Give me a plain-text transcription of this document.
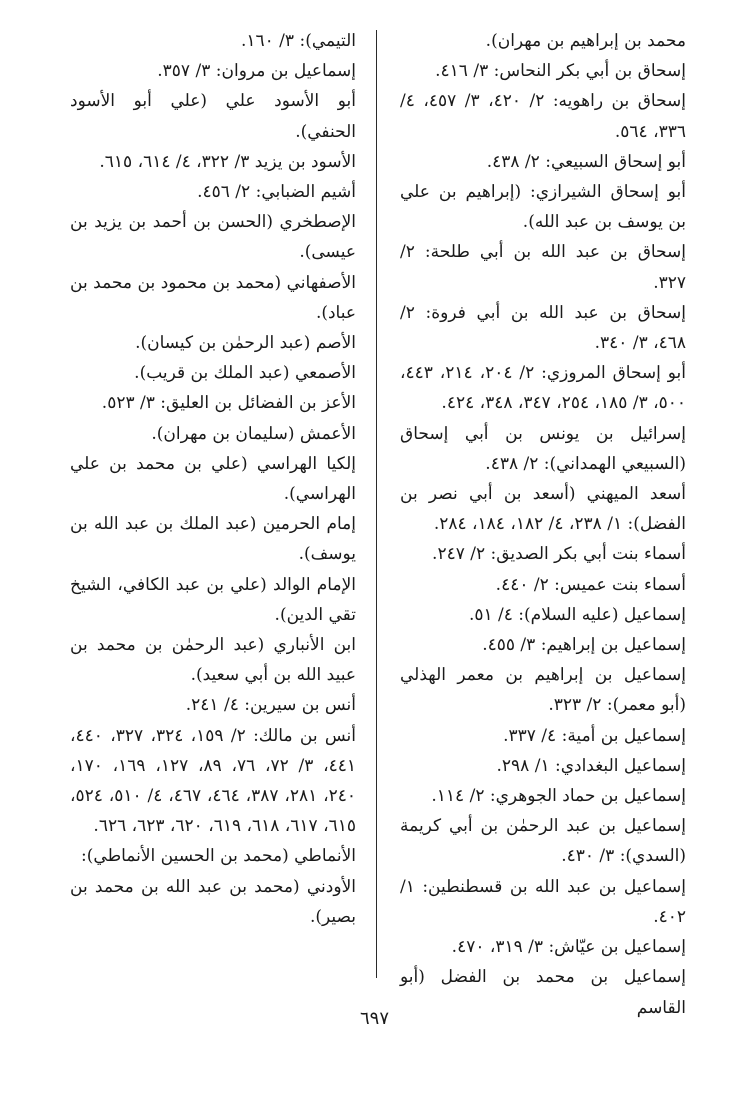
محمد بن إبراهيم بن مهران).

إسحاق بن أبي بكر النحاس: ٣/ ٤١٦.

إسحاق بن راهويه: ٢/ ٤٢٠، ٣/ ٤٥٧، ٤/ ٣٣٦، ٥٦٤.

أبو إسحاق السبيعي: ٢/ ٤٣٨.

أبو إسحاق الشيرازي: (إبراهيم بن علي بن يوسف بن عبد الله).

إسحاق بن عبد الله بن أبي طلحة: ٢/ ٣٢٧.

إسحاق بن عبد الله بن أبي فروة: ٢/ ٤٦٨، ٣/ ٣٤٠.

أبو إسحاق المروزي: ٢/ ٢٠٤، ٢١٤، ٤٤٣، ٥٠٠، ٣/ ١٨٥، ٢٥٤، ٣٤٧، ٣٤٨، ٤٢٤.

إسرائيل بن يونس بن أبي إسحاق (السبيعي الهمداني): ٢/ ٤٣٨.

أسعد الميهني (أسعد بن أبي نصر بن الفضل): ١/ ٢٣٨، ٤/ ١٨٢، ١٨٤، ٢٨٤.

أسماء بنت أبي بكر الصديق: ٢/ ٢٤٧.

أسماء بنت عميس: ٢/ ٤٤٠.

إسماعيل (عليه السلام): ٤/ ٥١.

إسماعيل بن إبراهيم: ٣/ ٤٥٥.

إسماعيل بن إبراهيم بن معمر الهذلي (أبو معمر): ٢/ ٣٢٣.

إسماعيل بن أمية: ٤/ ٣٣٧.

إسماعيل البغدادي: ١/ ٢٩٨.

إسماعيل بن حماد الجوهري: ٢/ ١١٤.

إسماعيل بن عبد الرحمٰن بن أبي كريمة (السدي): ٣/ ٤٣٠.

إسماعيل بن عبد الله بن قسطنطين: ١/ ٤٠٢.

إسماعيل بن عيّاش: ٣/ ٣١٩، ٤٧٠.

إسماعيل بن محمد بن الفضل (أبو القاسم

التيمي): ٣/ ١٦٠.

إسماعيل بن مروان: ٣/ ٣٥٧.

أبو الأسود علي (علي أبو الأسود الحنفي).

الأسود بن يزيد ٣/ ٣٢٢، ٤/ ٦١٤، ٦١٥.

أشيم الضبابي: ٢/ ٤٥٦.

الإصطخري (الحسن بن أحمد بن يزيد بن عيسى).

الأصفهاني (محمد بن محمود بن محمد بن عباد).

الأصم (عبد الرحمٰن بن كيسان).

الأصمعي (عبد الملك بن قريب).

الأعز بن الفضائل بن العليق: ٣/ ٥٢٣.

الأعمش (سليمان بن مهران).

إلكيا الهراسي (علي بن محمد بن علي الهراسي).

إمام الحرمين (عبد الملك بن عبد الله بن يوسف).

الإمام الوالد (علي بن عبد الكافي، الشيخ تقي الدين).

ابن الأنباري (عبد الرحمٰن بن محمد بن عبيد الله بن أبي سعيد).

أنس بن سيرين: ٤/ ٢٤١.

أنس بن مالك: ٢/ ١٥٩، ٣٢٤، ٣٢٧، ٤٤٠، ٤٤١، ٣/ ٧٢، ٧٦، ٨٩، ١٢٧، ١٦٩، ١٧٠، ٢٤٠، ٢٨١، ٣٨٧، ٤٦٤، ٤٦٧، ٤/ ٥١٠، ٥٢٤، ٦١٥، ٦١٧، ٦١٨، ٦١٩، ٦٢٠، ٦٢٣، ٦٢٦.

الأنماطي (محمد بن الحسين الأنماطي):

الأودني (محمد بن عبد الله بن محمد بن بصير).

٦٩٧
